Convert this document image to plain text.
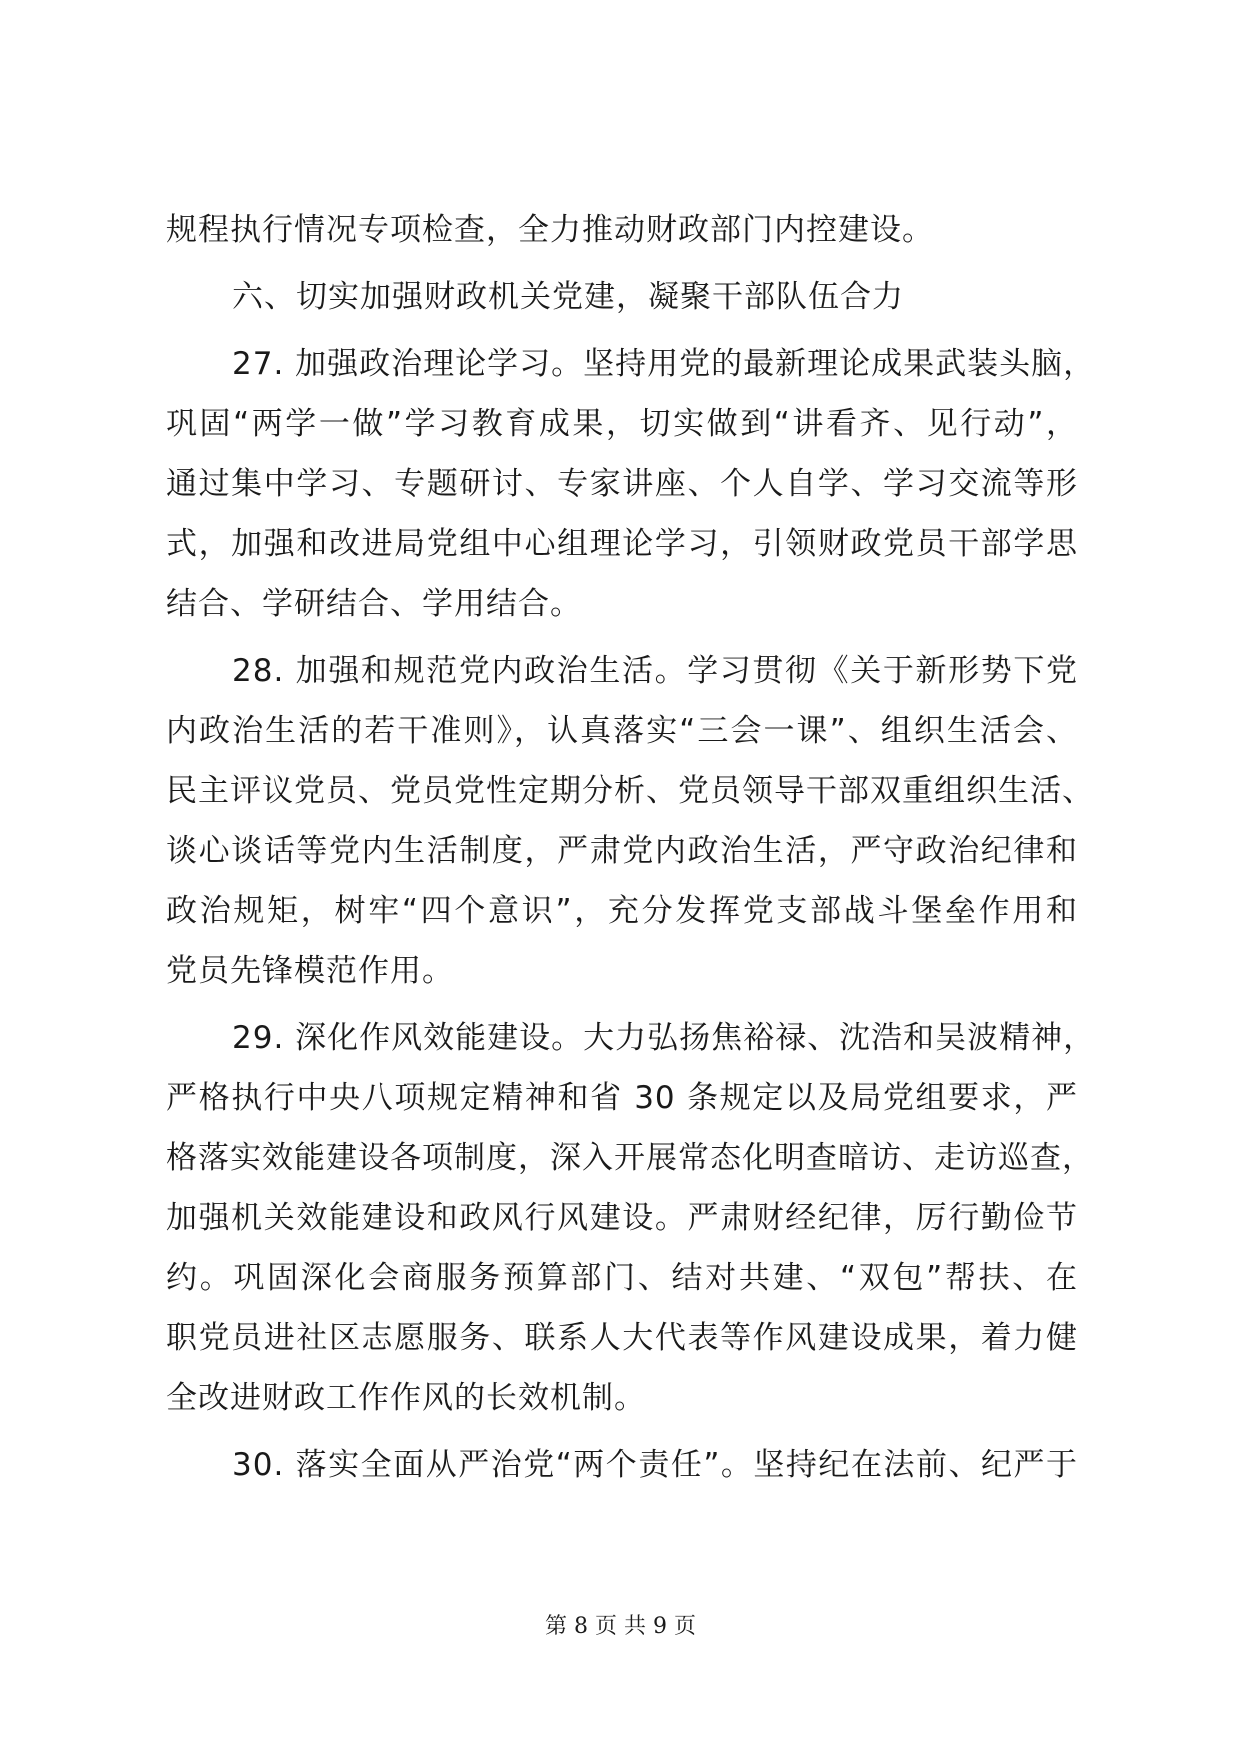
规程执行情况专项检查，全力推动财政部门内控建设。
六、切实加强财政机关党建，凝聚干部队伍合力
27. 加强政治理论学习。坚持用党的最新理论成果武装头脑，
巩固“两学一做”学习教育成果，切实做到“讲看齐、见行动”，
通过集中学习、专题研讨、专家讲座、个人自学、学习交流等形
式，加强和改进局党组中心组理论学习，引领财政党员干部学思
结合、学研结合、学用结合。
28. 加强和规范党内政治生活。学习贯彻《关于新形势下党
内政治生活的若干准则》，认真落实“三会一课”、组织生活会、
民主评议党员、党员党性定期分析、党员领导干部双重组织生活、
谈心谈话等党内生活制度，严肃党内政治生活，严守政治纪律和
政治规矩，树牢“四个意识”，充分发挥党支部战斗堡垒作用和
党员先锋模范作用。
29. 深化作风效能建设。大力弘扬焦裕禄、沈浩和吴波精神，
严格执行中央八项规定精神和省 30 条规定以及局党组要求，严
格落实效能建设各项制度，深入开展常态化明查暗访、走访巡查，
加强机关效能建设和政风行风建设。严肃财经纪律，厉行勤俭节
约。巩固深化会商服务预算部门、结对共建、“双包”帮扶、在
职党员进社区志愿服务、联系人大代表等作风建设成果，着力健
全改进财政工作作风的长效机制。
30. 落实全面从严治党“两个责任”。坚持纪在法前、纪严于
第 8 页 共 9 页
